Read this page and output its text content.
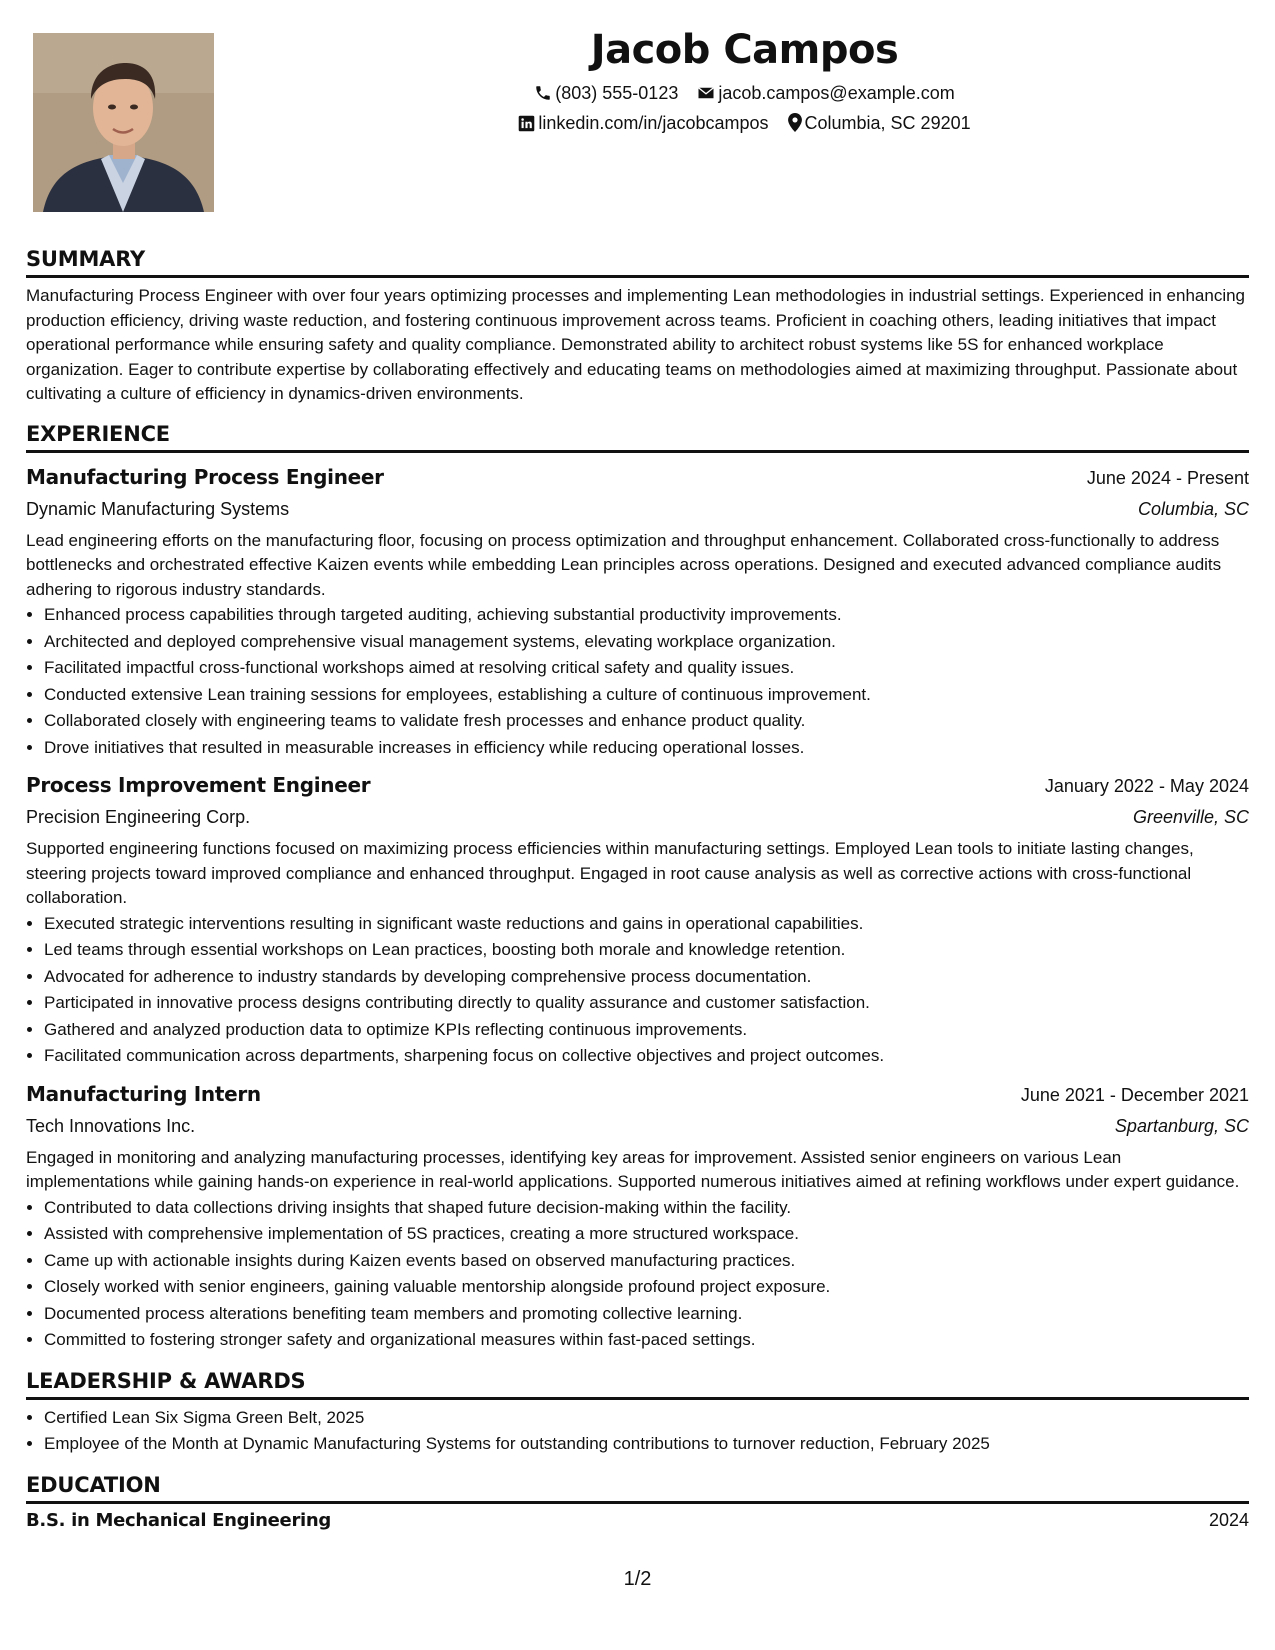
Jacob Campos
(803) 555-0123 jacob.campos@example.com
linkedin.com/in/jacobcampos Columbia, SC 29201
SUMMARY

Manufacturing Process Engineer with over four years optimizing processes and implementing Lean methodologies in industrial settings. Experienced in enhancing production efficiency, driving waste reduction, and fostering continuous improvement across teams. Proficient in coaching others, leading initiatives that impact operational performance while ensuring safety and quality compliance. Demonstrated ability to architect robust systems like 5S for enhanced workplace organization. Eager to contribute expertise by collaborating effectively and educating teams on methodologies aimed at maximizing throughput. Passionate about cultivating a culture of efficiency in dynamics-driven environments.

EXPERIENCE
Manufacturing Process Engineer	June 2024 - Present
Dynamic Manufacturing Systems	Columbia, SC

Lead engineering efforts on the manufacturing floor, focusing on process optimization and throughput enhancement. Collaborated cross-functionally to address bottlenecks and orchestrated effective Kaizen events while embedding Lean principles across operations. Designed and executed advanced compliance audits adhering to rigorous industry standards.

• Enhanced process capabilities through targeted auditing, achieving substantial productivity improvements.
• Architected and deployed comprehensive visual management systems, elevating workplace organization.
• Facilitated impactful cross-functional workshops aimed at resolving critical safety and quality issues.
• Conducted extensive Lean training sessions for employees, establishing a culture of continuous improvement.
• Collaborated closely with engineering teams to validate fresh processes and enhance product quality.
• Drove initiatives that resulted in measurable increases in efficiency while reducing operational losses.
Process Improvement Engineer	January 2022 - May 2024
Precision Engineering Corp.	Greenville, SC

Supported engineering functions focused on maximizing process efficiencies within manufacturing settings. Employed Lean tools to initiate lasting changes, steering projects toward improved compliance and enhanced throughput. Engaged in root cause analysis as well as corrective actions with cross-functional collaboration.

• Executed strategic interventions resulting in significant waste reductions and gains in operational capabilities.
• Led teams through essential workshops on Lean practices, boosting both morale and knowledge retention.
• Advocated for adherence to industry standards by developing comprehensive process documentation.
• Participated in innovative process designs contributing directly to quality assurance and customer satisfaction.
• Gathered and analyzed production data to optimize KPIs reflecting continuous improvements.
• Facilitated communication across departments, sharpening focus on collective objectives and project outcomes.
Manufacturing Intern	June 2021 - December 2021
Tech Innovations Inc.	Spartanburg, SC

Engaged in monitoring and analyzing manufacturing processes, identifying key areas for improvement. Assisted senior engineers on various Lean implementations while gaining hands-on experience in real-world applications. Supported numerous initiatives aimed at refining workflows under expert guidance.

• Contributed to data collections driving insights that shaped future decision-making within the facility.
• Assisted with comprehensive implementation of 5S practices, creating a more structured workspace.
• Came up with actionable insights during Kaizen events based on observed manufacturing practices.
• Closely worked with senior engineers, gaining valuable mentorship alongside profound project exposure.
• Documented process alterations benefiting team members and promoting collective learning.
• Committed to fostering stronger safety and organizational measures within fast-paced settings.
LEADERSHIP & AWARDS
• Certified Lean Six Sigma Green Belt, 2025
• Employee of the Month at Dynamic Manufacturing Systems for outstanding contributions to turnover reduction, February 2025
EDUCATION
B.S. in Mechanical Engineering	2024
1/2
